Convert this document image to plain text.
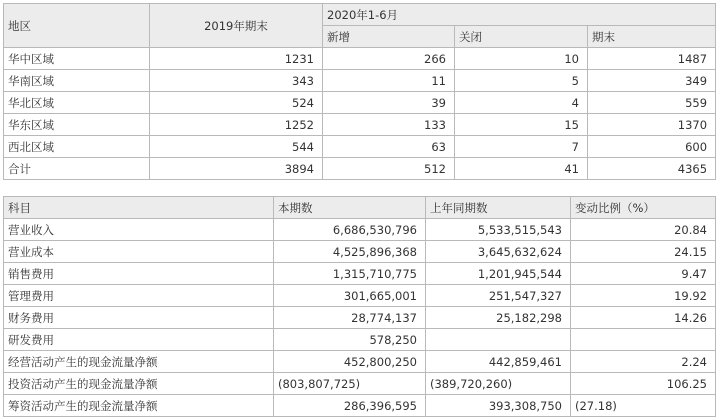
地区	2019年期末	2020年1-6月		
		新增	关闭	期末
华中区域	1231	266	10	1487
华南区域	343	11	5	349
华北区域	524	39	4	559
华东区域	1252	133	15	1370
西北区域	544	63	7	600
合计	3894	512	41	4365
科目	本期数	上年同期数	变动比例（%）
营业收入	6,686,530,796	5,533,515,543	20.84
营业成本	4,525,896,368	3,645,632,624	24.15
销售费用	1,315,710,775	1,201,945,544	9.47
管理费用	301,665,001	251,547,327	19.92
财务费用	28,774,137	25,182,298	14.26
研发费用	578,250		
经营活动产生的现金流量净额	452,800,250	442,859,461	2.24
投资活动产生的现金流量净额	(803,807,725)	(389,720,260)	106.25
筹资活动产生的现金流量净额	286,396,595	393,308,750	(27.18)
